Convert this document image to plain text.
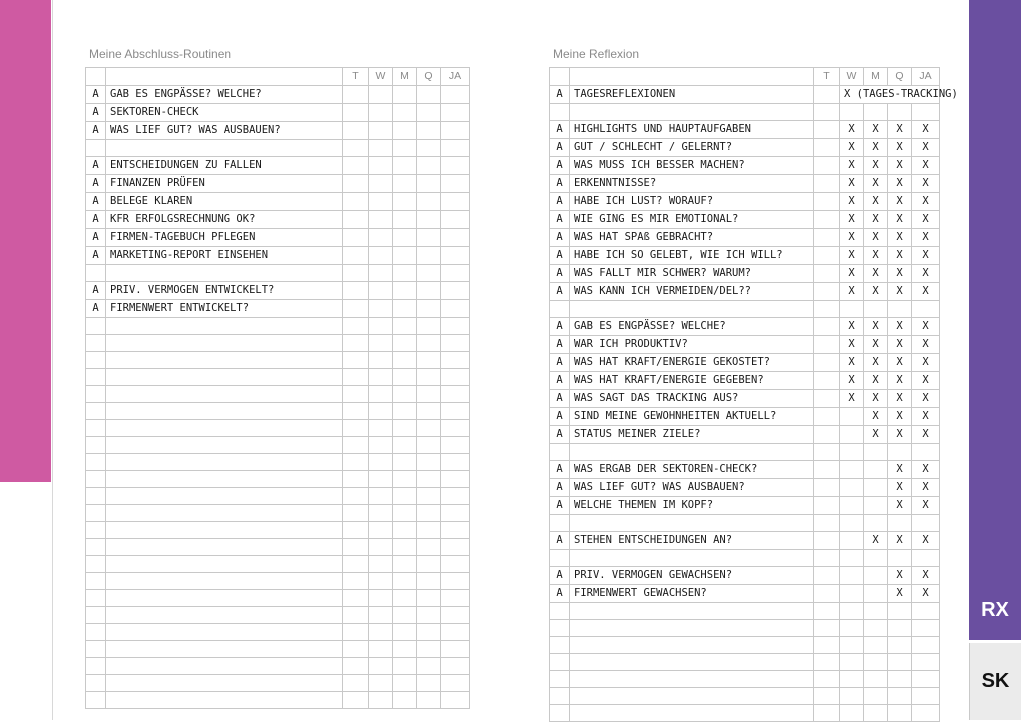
RX
SK
Meine Abschluss-Routinen	Meine Reflexion
		T	W	M	Q	JA
A	GAB ES ENGPÄSSE? WELCHE?					
A	SEKTOREN-CHECK					
A	WAS LIEF GUT? WAS AUSBAUEN?					

A	ENTSCHEIDUNGEN ZU FALLEN					
A	FINANZEN PRÜFEN					
A	BELEGE KLAREN					
A	KFR ERFOLGSRECHNUNG OK?					
A	FIRMEN-TAGEBUCH PFLEGEN					
A	MARKETING-REPORT EINSEHEN					

A	PRIV. VERMOGEN ENTWICKELT?					
A	FIRMENWERT ENTWICKELT?					

		T	W	M	Q	JA
A	TAGESREFLEXIONEN		X (TAGES-TRACKING)			

A	HIGHLIGHTS UND HAUPTAUFGABEN		X	X	X	X
A	GUT / SCHLECHT / GELERNT?		X	X	X	X
A	WAS MUSS ICH BESSER MACHEN?		X	X	X	X
A	ERKENNTNISSE?		X	X	X	X
A	HABE ICH LUST? WORAUF?		X	X	X	X
A	WIE GING ES MIR EMOTIONAL?		X	X	X	X
A	WAS HAT SPAß GEBRACHT?		X	X	X	X
A	HABE ICH SO GELEBT, WIE ICH WILL?		X	X	X	X
A	WAS FALLT MIR SCHWER? WARUM?		X	X	X	X
A	WAS KANN ICH VERMEIDEN/DEL??		X	X	X	X

A	GAB ES ENGPÄSSE? WELCHE?		X	X	X	X
A	WAR ICH PRODUKTIV?		X	X	X	X
A	WAS HAT KRAFT/ENERGIE GEKOSTET?		X	X	X	X
A	WAS HAT KRAFT/ENERGIE GEGEBEN?		X	X	X	X
A	WAS SAGT DAS TRACKING AUS?		X	X	X	X
A	SIND MEINE GEWOHNHEITEN AKTUELL?			X	X	X
A	STATUS MEINER ZIELE?			X	X	X

A	WAS ERGAB DER SEKTOREN-CHECK?				X	X
A	WAS LIEF GUT? WAS AUSBAUEN?				X	X
A	WELCHE THEMEN IM KOPF?				X	X

A	STEHEN ENTSCHEIDUNGEN AN?			X	X	X

A	PRIV. VERMOGEN GEWACHSEN?				X	X
A	FIRMENWERT GEWACHSEN?				X	X
